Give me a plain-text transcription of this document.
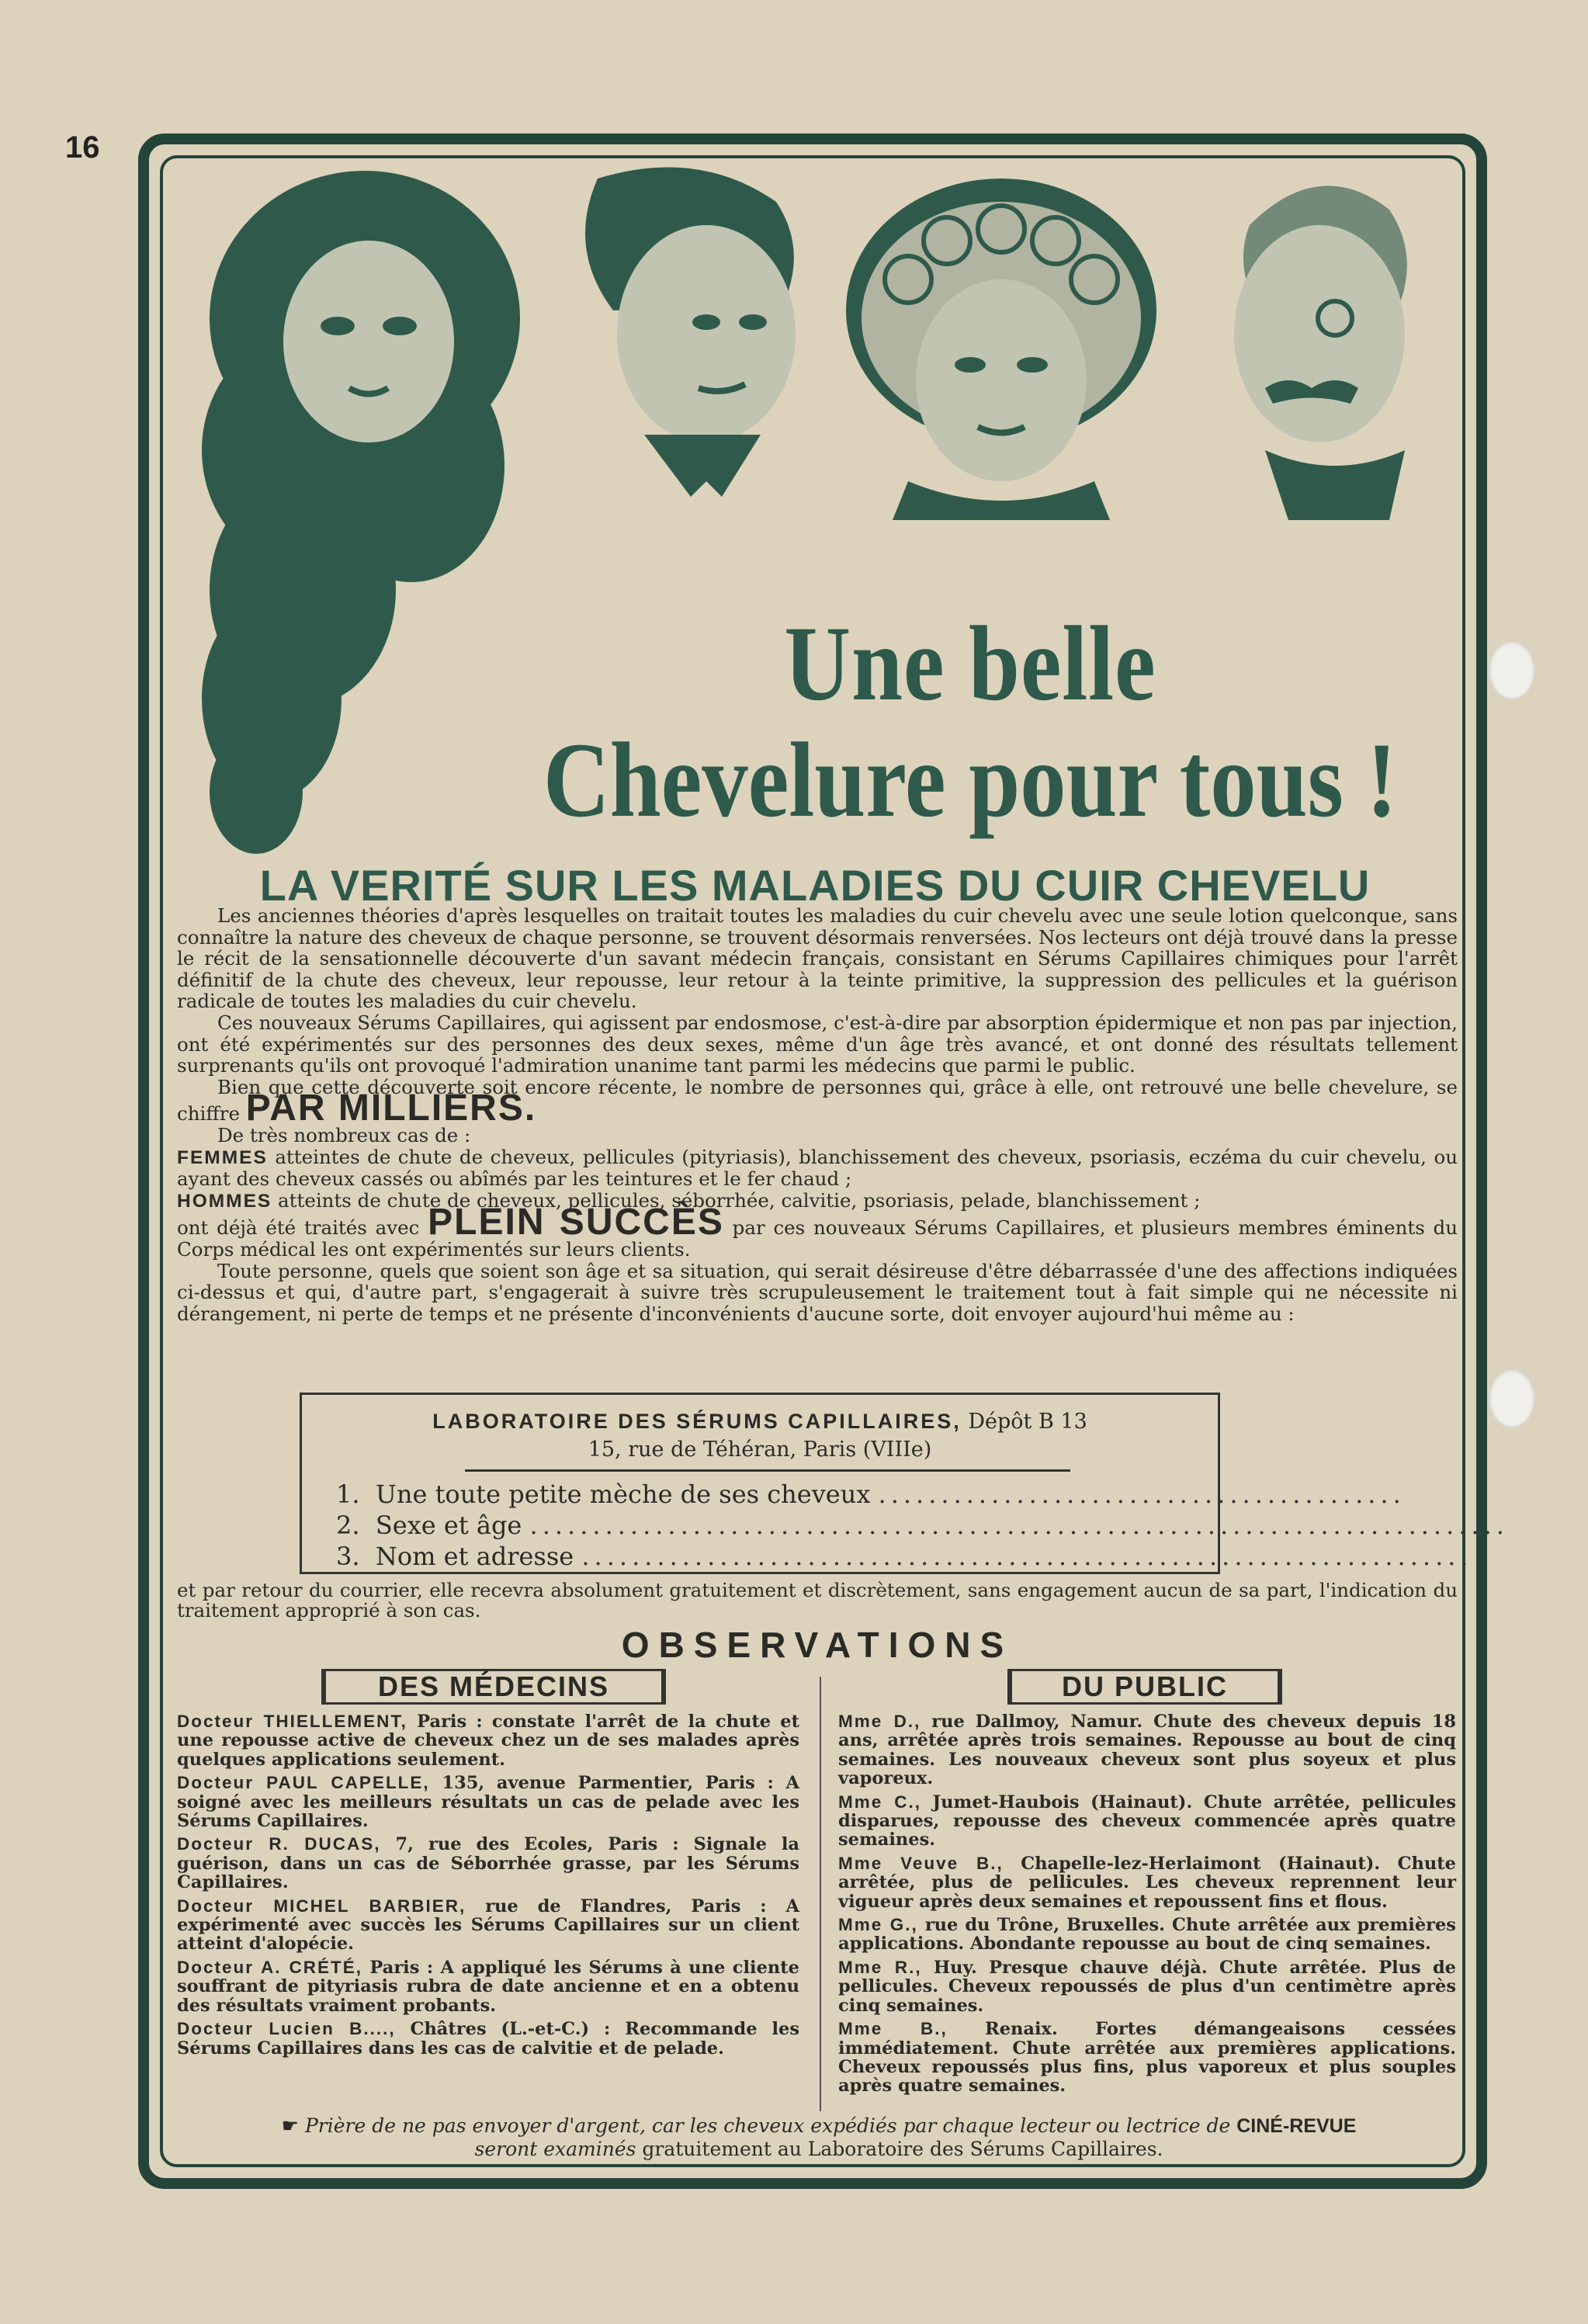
16
Une belle
Chevelure pour tous !
LA VERITÉ SUR LES MALADIES DU CUIR CHEVELU

Les anciennes théories d'après lesquelles on traitait toutes les maladies du cuir chevelu avec une seule lotion quelconque, sans connaître la nature des cheveux de chaque personne, se trouvent désormais renversées. Nos lecteurs ont déjà trouvé dans la presse le récit de la sensationnelle découverte d'un savant médecin français, consistant en Sérums Capillaires chimiques pour l'arrêt définitif de la chute des cheveux, leur repousse, leur retour à la teinte primitive, la suppression des pellicules et la guérison radicale de toutes les maladies du cuir chevelu.

Ces nouveaux Sérums Capillaires, qui agissent par endosmose, c'est-à-dire par absorption épidermique et non pas par injection, ont été expérimentés sur des personnes des deux sexes, même d'un âge très avancé, et ont donné des résultats tellement surprenants qu'ils ont provoqué l'admiration unanime tant parmi les médecins que parmi le public.

Bien que cette découverte soit encore récente, le nombre de personnes qui, grâce à elle, ont retrouvé une belle chevelure, se chiffre PAR MILLIERS.

De très nombreux cas de :

FEMMES atteintes de chute de cheveux, pellicules (pityriasis), blanchissement des cheveux, psoriasis, eczéma du cuir chevelu, ou ayant des cheveux cassés ou abîmés par les teintures et le fer chaud ;

HOMMES atteints de chute de cheveux, pellicules, séborrhée, calvitie, psoriasis, pelade, blanchissement ;

ont déjà été traités avec PLEIN SUCCÈS par ces nouveaux Sérums Capillaires, et plusieurs membres éminents du Corps médical les ont expérimentés sur leurs clients.

Toute personne, quels que soient son âge et sa situation, qui serait désireuse d'être débarrassée d'une des affections indiquées ci-dessus et qui, d'autre part, s'engagerait à suivre très scrupuleusement le traitement tout à fait simple qui ne nécessite ni dérangement, ni perte de temps et ne présente d'inconvénients d'aucune sorte, doit envoyer aujourd'hui même au :

LABORATOIRE DES SÉRUMS CAPILLAIRES, Dépôt B 13
15, rue de Téhéran, Paris (VIIIe)
1. Une toute petite mèche de ses cheveux ..........................................
2. Sexe et âge ..............................................................................
3. Nom et adresse .......................................................................
et par retour du courrier, elle recevra absolument gratuitement et discrètement, sans engagement aucun de sa part, l'indication du traitement approprié à son cas.
OBSERVATIONS
DES MÉDECINS	DU PUBLIC

Docteur THIELLEMENT, Paris : constate l'arrêt de la chute et une repousse active de cheveux chez un de ses malades après quelques applications seulement.

Docteur PAUL CAPELLE, 135, avenue Parmentier, Paris : A soigné avec les meilleurs résultats un cas de pelade avec les Sérums Capillaires.

Docteur R. DUCAS, 7, rue des Ecoles, Paris : Signale la guérison, dans un cas de Séborrhée grasse, par les Sérums Capillaires.

Docteur MICHEL BARBIER, rue de Flandres, Paris : A expérimenté avec succès les Sérums Capillaires sur un client atteint d'alopécie.

Docteur A. CRÉTÉ, Paris : A appliqué les Sérums à une cliente souffrant de pityriasis rubra de date ancienne et en a obtenu des résultats vraiment probants.

Docteur Lucien B...., Châtres (L.-et-C.) : Recommande les Sérums Capillaires dans les cas de calvitie et de pelade.

Mme D., rue Dallmoy, Namur. Chute des cheveux depuis 18 ans, arrêtée après trois semaines. Repousse au bout de cinq semaines. Les nouveaux cheveux sont plus soyeux et plus vaporeux.

Mme C., Jumet-Haubois (Hainaut). Chute arrêtée, pellicules disparues, repousse des cheveux commencée après quatre semaines.

Mme Veuve B., Chapelle-lez-Herlaimont (Hainaut). Chute arrêtée, plus de pellicules. Les cheveux reprennent leur vigueur après deux semaines et repoussent fins et flous.

Mme G., rue du Trône, Bruxelles. Chute arrêtée aux premières applications. Abondante repousse au bout de cinq semaines.

Mme R., Huy. Presque chauve déjà. Chute arrêtée. Plus de pellicules. Cheveux repoussés de plus d'un centimètre après cinq semaines.

Mme B., Renaix. Fortes démangeaisons cessées immédiatement. Chute arrêtée aux premières applications. Cheveux repoussés plus fins, plus vaporeux et plus souples après quatre semaines.

☛ Prière de ne pas envoyer d'argent, car les cheveux expédiés par chaque lecteur ou lectrice de CINÉ-REVUE
seront examinés gratuitement au Laboratoire des Sérums Capillaires.
